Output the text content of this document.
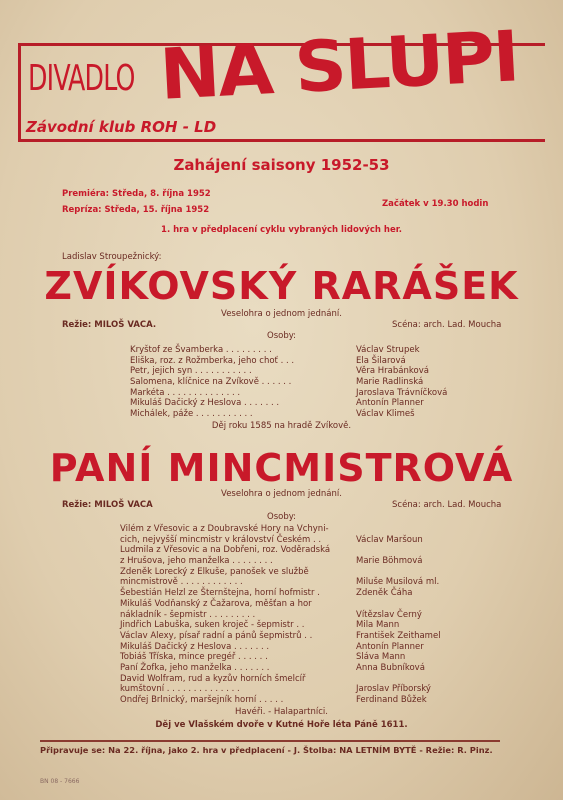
DIVADLO NA SLUPI
Závodní klub ROH - LD
Zahájení saisony 1952-53
Premiéra: Středa, 8. října 1952
Repríza: Středa, 15. října 1952
Začátek v 19.30 hodin
1. hra v předplacení cyklu vybraných lidových her.
Ladislav Stroupežnický:
ZVÍKOVSKÝ RARÁŠEK
Veselohra o jednom jednání.
Režie: MILOŠ VACA.	Scéna: arch. Lad. Moucha
Osoby:
Kryštof ze Švamberka . . . . . . . . .	Václav Strupek
Eliška, roz. z Rožmberka, jeho choť . . .	Ela Šilarová
Petr, jejich syn . . . . . . . . . . .	Věra Hrabánková
Salomena, klíčnice na Zvíkově . . . . . .	Marie Radlinská
Markéta . . . . . . . . . . . . . .	Jaroslava Trávníčková
Mikuláš Dačický z Heslova . . . . . . .	Antonín Planner
Michálek, páže . . . . . . . . . . .	Václav Klimeš
Děj roku 1585 na hradě Zvíkově.
PANÍ MINCMISTROVÁ
Veselohra o jednom jednání.
Režie: MILOŠ VACA	Scéna: arch. Lad. Moucha
Osoby:
Vilém z Vřesovic a z Doubravské Hory na Vchyni-
cich, nejvyšší mincmistr v království Českém . .	Václav Maršoun
Ludmila z Vřesovic a na Dobřeni, roz. Voděradská
z Hrušova, jeho manželka . . . . . . . .	Marie Böhmová
Zdeněk Lorecký z Elkuše, panošek ve službě
mincmistrově . . . . . . . . . . . .	Miluše Musilová ml.
Šebestián Helzl ze Šternštejna, horní hofmistr .	Zdeněk Čáha
Mikuláš Vodňanský z Čažarova, měšťan a hor
nákladník - šepmistr . . . . . . . . .	Vítězslav Černý
Jindřich Labuška, suken kroječ - šepmistr . .	Mila Mann
Václav Alexy, písař radní a pánů šepmistrů . .	František Zeithamel
Mikuláš Dačický z Heslova . . . . . . .	Antonín Planner
Tobiáš Tříska, mince pregéř . . . . . .	Sláva Mann
Paní Žofka, jeho manželka . . . . . . .	Anna Bubníková
David Wolfram, rud a kyzův horních šmelcíř
kumštovní . . . . . . . . . . . . . .	Jaroslav Příborský
Ondřej Brlnický, maršejník horní . . . . .	Ferdinand Bůžek
Havéři. - Halapartníci.
Děj ve Vlašském dvoře v Kutné Hoře léta Páně 1611.
Připravuje se: Na 22. října, jako 2. hra v předplacení - J. Štolba: NA LETNÍM BYTĚ - Režie: R. Pinz.
BN 08 - 7666
